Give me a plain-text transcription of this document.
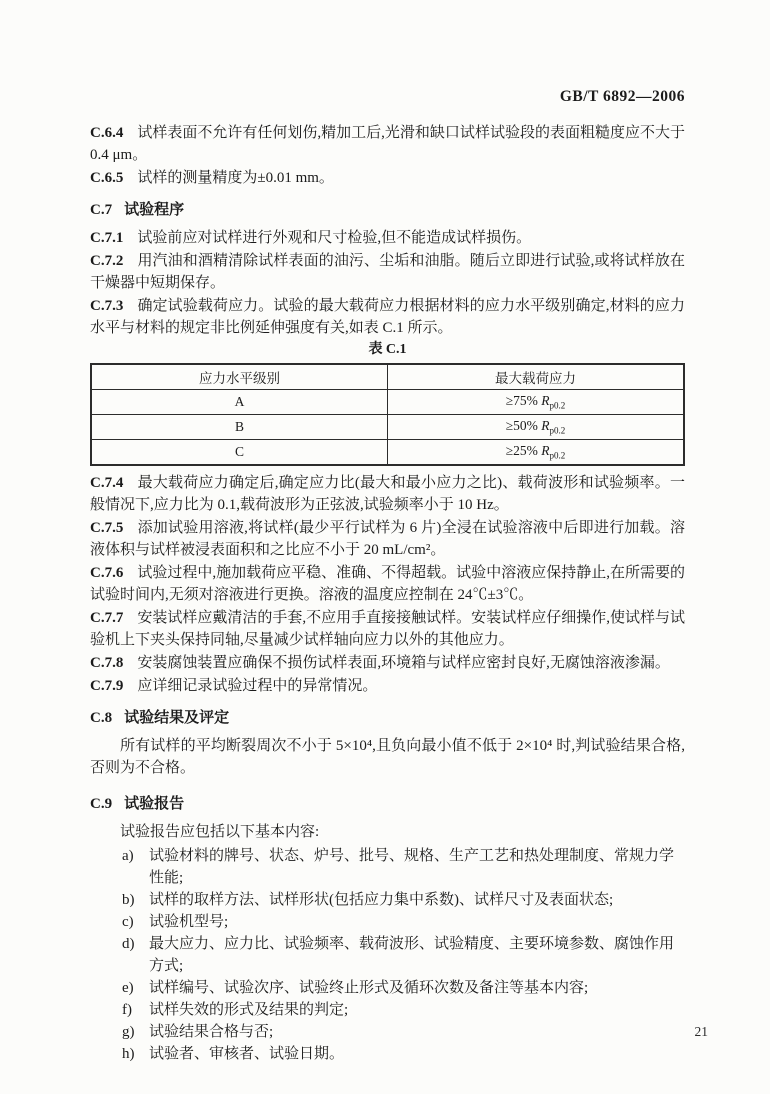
GB/T 6892—2006

C.6.4 试样表面不允许有任何划伤,精加工后,光滑和缺口试样试验段的表面粗糙度应不大于 0.4 μm。

C.6.5 试样的测量精度为±0.01 mm。

C.7 试验程序

C.7.1 试验前应对试样进行外观和尺寸检验,但不能造成试样损伤。

C.7.2 用汽油和酒精清除试样表面的油污、尘垢和油脂。随后立即进行试验,或将试样放在干燥器中短期保存。

C.7.3 确定试验载荷应力。试验的最大载荷应力根据材料的应力水平级别确定,材料的应力水平与材料的规定非比例延伸强度有关,如表 C.1 所示。

表 C.1
应力水平级别	最大载荷应力
A	≥75% $R_{p0.2}$
B	≥50% $R_{p0.2}$
C	≥25% $R_{p0.2}$

C.7.4 最大载荷应力确定后,确定应力比(最大和最小应力之比)、载荷波形和试验频率。一般情况下,应力比为 0.1,载荷波形为正弦波,试验频率小于 10 Hz。

C.7.5 添加试验用溶液,将试样(最少平行试样为 6 片)全浸在试验溶液中后即进行加载。溶液体积与试样被浸表面积和之比应不小于 20 mL/cm²。

C.7.6 试验过程中,施加载荷应平稳、准确、不得超载。试验中溶液应保持静止,在所需要的试验时间内,无须对溶液进行更换。溶液的温度应控制在 24℃±3℃。

C.7.7 安装试样应戴清洁的手套,不应用手直接接触试样。安装试样应仔细操作,使试样与试验机上下夹头保持同轴,尽量减少试样轴向应力以外的其他应力。

C.7.8 安装腐蚀装置应确保不损伤试样表面,环境箱与试样应密封良好,无腐蚀溶液渗漏。

C.7.9 应详细记录试验过程中的异常情况。

C.8 试验结果及评定

所有试样的平均断裂周次不小于 5×10⁴,且负向最小值不低于 2×10⁴ 时,判试验结果合格,否则为不合格。

C.9 试验报告

试验报告应包括以下基本内容:

a)	试验材料的牌号、状态、炉号、批号、规格、生产工艺和热处理制度、常规力学性能;
b) 试样的取样方法、试样形状(包括应力集中系数)、试样尺寸及表面状态;
c)	试验机型号;
d) 最大应力、应力比、试验频率、载荷波形、试验精度、主要环境参数、腐蚀作用方式;
e)	试样编号、试验次序、试验终止形式及循环次数及备注等基本内容;
f)	试样失效的形式及结果的判定;
g) 试验结果合格与否;
h) 试验者、审核者、试验日期。
21
